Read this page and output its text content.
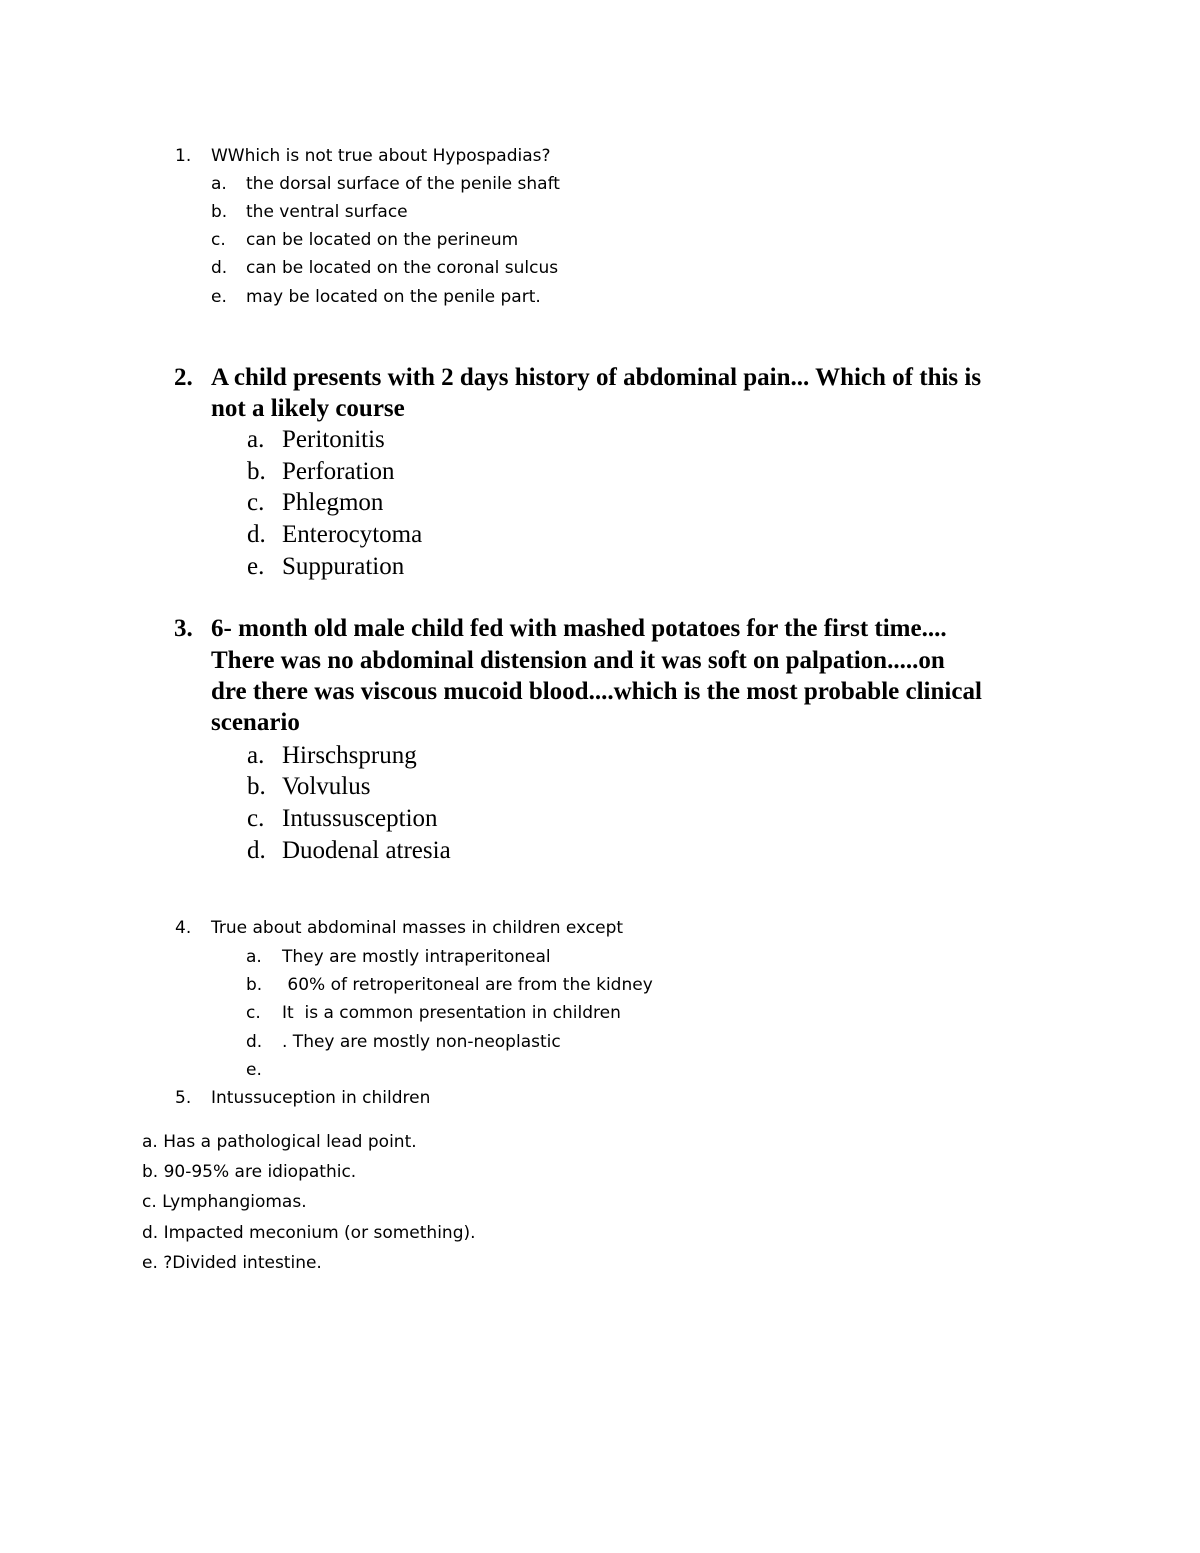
1. WWhich is not true about Hypospadias?
a. the dorsal surface of the penile shaft
b. the ventral surface
c. can be located on the perineum
d. can be located on the coronal sulcus
e. may be located on the penile part.
2. A child presents with 2 days history of abdominal pain... Which of this is
not a likely course
a. Peritonitis
b. Perforation
c. Phlegmon
d. Enterocytoma
e. Suppuration
3. 6- month old male child fed with mashed potatoes for the first time....
There was no abdominal distension and it was soft on palpation.....on
dre there was viscous mucoid blood....which is the most probable clinical
scenario
a. Hirschsprung
b. Volvulus
c. Intussusception
d. Duodenal atresia
4. True about abdominal masses in children except
a. They are mostly intraperitoneal
b. 60% of retroperitoneal are from the kidney
c. It  is a common presentation in children
d. . They are mostly non-neoplastic
e.
5. Intussuception in children
a. Has a pathological lead point.
b. 90-95% are idiopathic.
c. Lymphangiomas.
d. Impacted meconium (or something).
e. ?Divided intestine.
